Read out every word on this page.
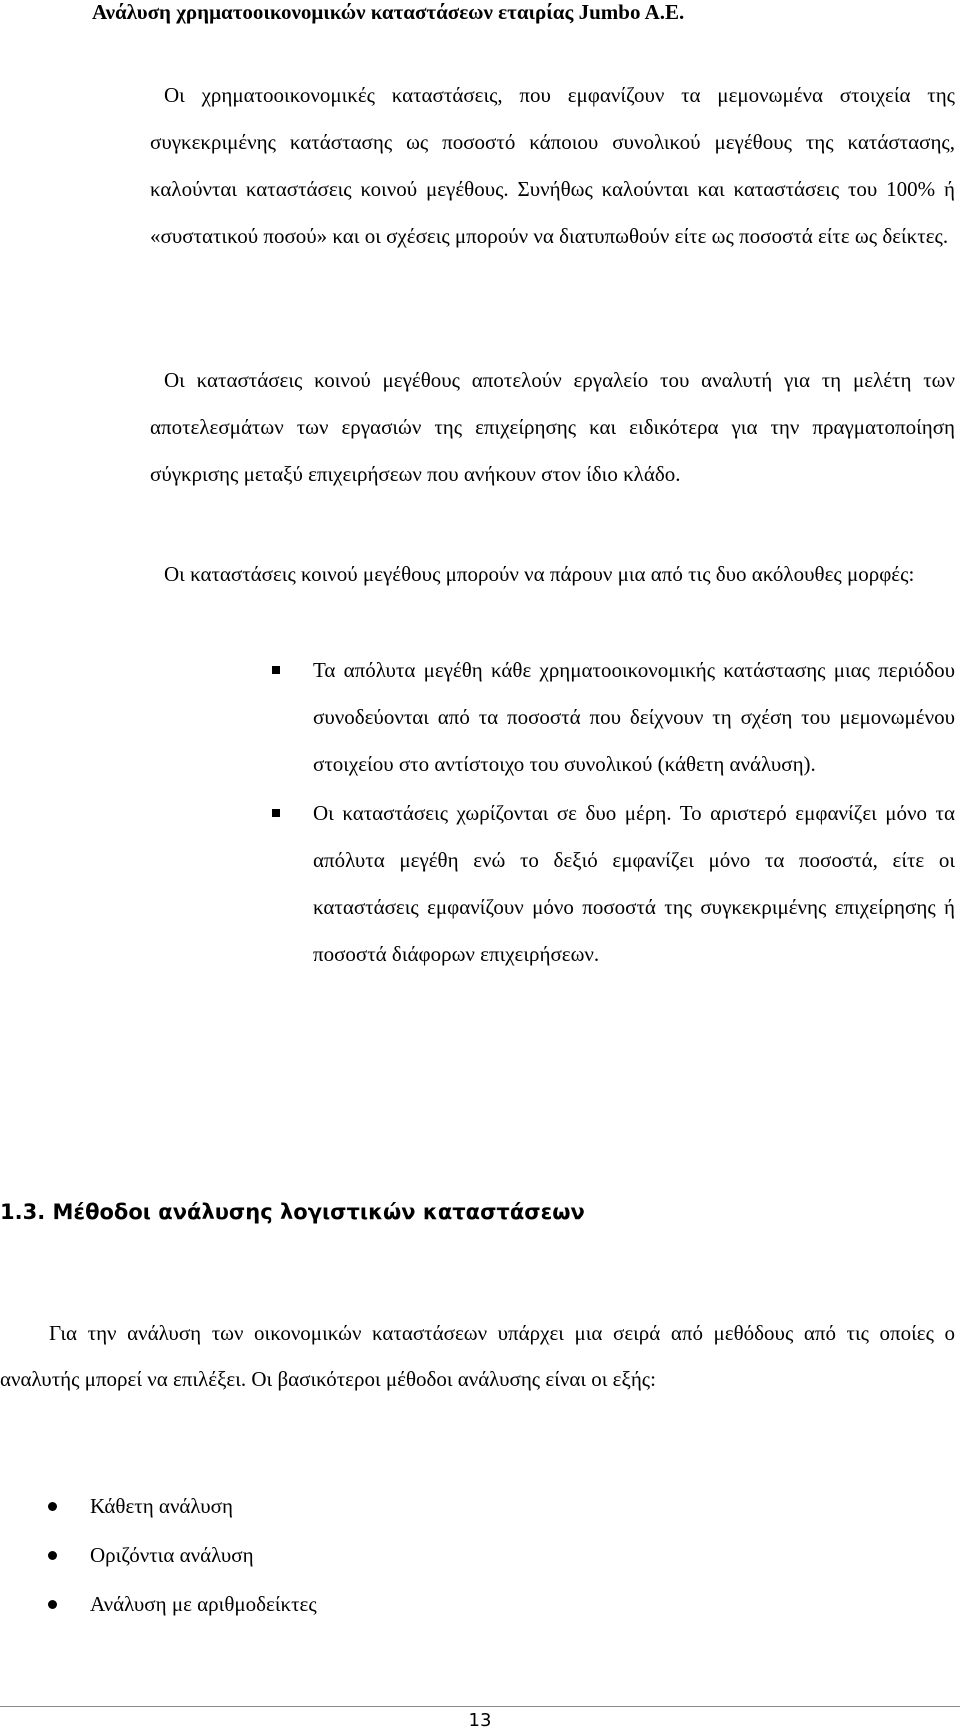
Ανάλυση χρηματοοικονομικών καταστάσεων εταιρίας Jumbo A.E.

Οι χρηματοοικονομικές καταστάσεις, που εμφανίζουν τα μεμονωμένα στοιχεία της συγκεκριμένης κατάστασης ως ποσοστό κάποιου συνολικού μεγέθους της κατάστασης, καλούνται καταστάσεις κοινού μεγέθους. Συνήθως καλούνται και καταστάσεις του 100% ή «συστατικού ποσού» και οι σχέσεις μπορούν να διατυπωθούν είτε ως ποσοστά είτε ως δείκτες.

Οι καταστάσεις κοινού μεγέθους αποτελούν εργαλείο του αναλυτή για τη μελέτη των αποτελεσμάτων των εργασιών της επιχείρησης και ειδικότερα για την πραγματοποίηση σύγκρισης μεταξύ επιχειρήσεων που ανήκουν στον ίδιο κλάδο.

Οι καταστάσεις κοινού μεγέθους μπορούν να πάρουν μια από τις δυο ακόλουθες μορφές:

Τα απόλυτα μεγέθη κάθε χρηματοοικονομικής κατάστασης μιας περιόδου συνοδεύονται από τα ποσοστά που δείχνουν τη σχέση του μεμονωμένου στοιχείου στο αντίστοιχο του συνολικού (κάθετη ανάλυση).
Οι καταστάσεις χωρίζονται σε δυο μέρη. Το αριστερό εμφανίζει μόνο τα απόλυτα μεγέθη ενώ το δεξιό εμφανίζει μόνο τα ποσοστά, είτε οι καταστάσεις εμφανίζουν μόνο ποσοστά της συγκεκριμένης επιχείρησης ή ποσοστά διάφορων επιχειρήσεων.
1.3. Μέθοδοι ανάλυσης λογιστικών καταστάσεων

Για την ανάλυση των οικονομικών καταστάσεων υπάρχει μια σειρά από μεθόδους από τις οποίες ο αναλυτής μπορεί να επιλέξει. Οι βασικότεροι μέθοδοι ανάλυσης είναι οι εξής:

Κάθετη ανάλυση
Οριζόντια ανάλυση
Ανάλυση με αριθμοδείκτες
13
